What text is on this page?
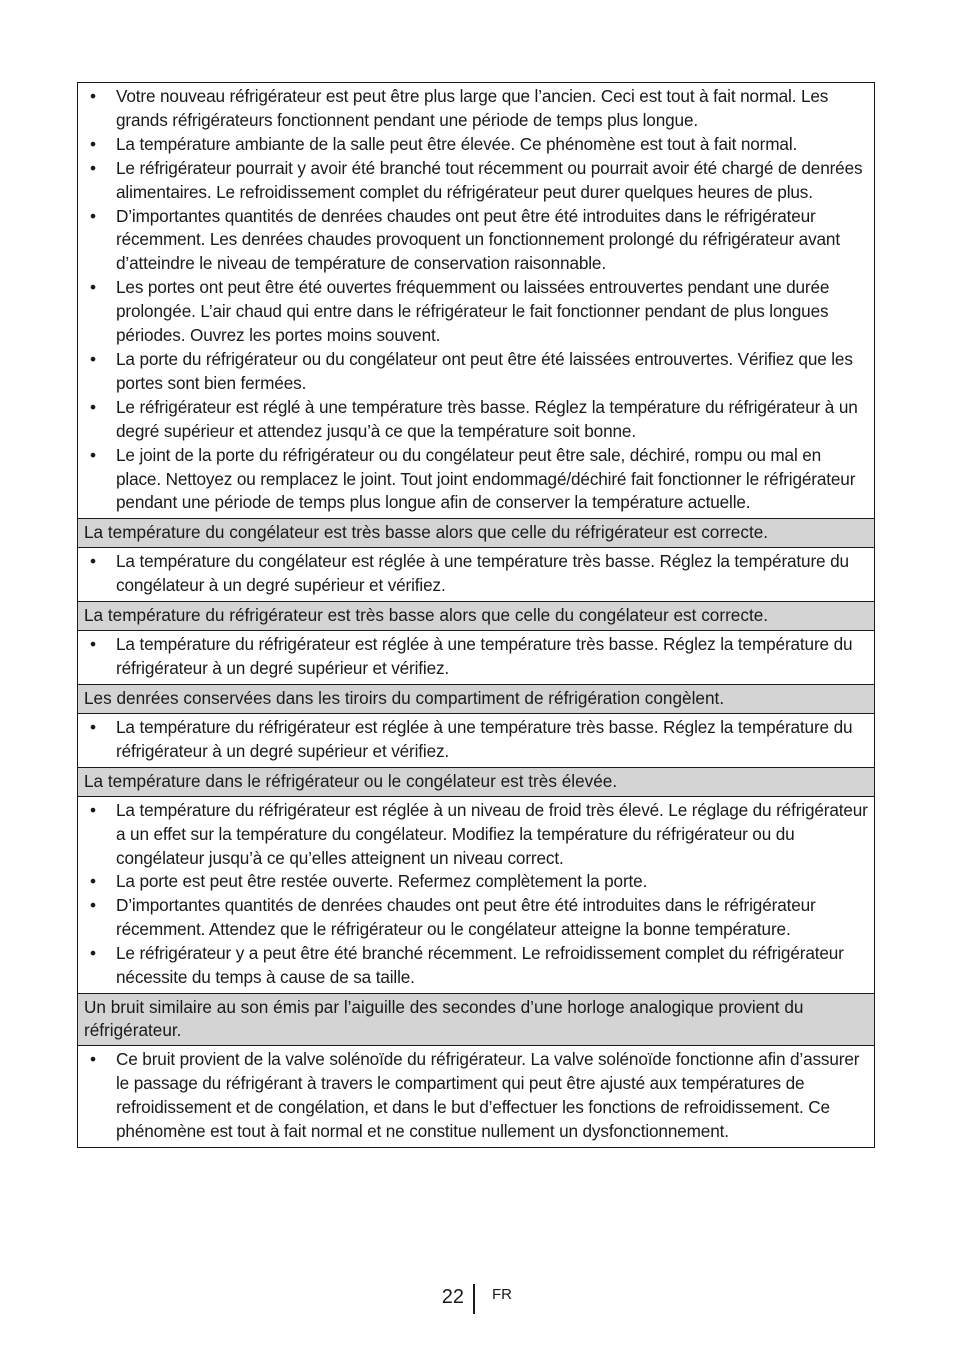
• Votre nouveau réfrigérateur est peut être plus large que l’ancien. Ceci est tout à fait normal. Les grands réfrigérateurs fonctionnent pendant une période de temps plus longue.
• La température ambiante de la salle peut être élevée. Ce phénomène est tout à fait normal.
• Le réfrigérateur pourrait y avoir été branché tout récemment ou pourrait avoir été chargé de denrées alimentaires. Le refroidissement complet du réfrigérateur peut durer quelques heures de plus.
• D’importantes quantités de denrées chaudes ont peut être été introduites dans le réfrigérateur récemment. Les denrées chaudes provoquent un fonctionnement prolongé du réfrigérateur avant d’atteindre le niveau de température de conservation raisonnable.
• Les portes ont peut être été ouvertes fréquemment ou laissées entrouvertes pendant une durée prolongée. L’air chaud qui entre dans le réfrigérateur le fait fonctionner pendant de plus longues périodes. Ouvrez les portes moins souvent.
• La porte du réfrigérateur ou du congélateur ont peut être été laissées entrouvertes. Vérifiez que les portes sont bien fermées.
• Le réfrigérateur est réglé à une température très basse. Réglez la température du réfrigérateur à un degré supérieur et attendez jusqu’à ce que la température soit bonne.
• Le joint de la porte du réfrigérateur ou du congélateur peut être sale, déchiré, rompu ou mal en place. Nettoyez ou remplacez le joint. Tout joint endommagé/déchiré fait fonctionner le réfrigérateur pendant une période de temps plus longue afin de conserver la température actuelle.
La température du congélateur est très basse alors que celle du réfrigérateur est correcte.
• La température du congélateur est réglée à une température très basse. Réglez la température du congélateur à un degré supérieur et vérifiez.
La température du réfrigérateur est très basse alors que celle du congélateur est correcte.
• La température du réfrigérateur est réglée à une température très basse. Réglez la température du réfrigérateur à un degré supérieur et vérifiez.
Les denrées conservées dans les tiroirs du compartiment de réfrigération congèlent.
• La température du réfrigérateur est réglée à une température très basse. Réglez la température du réfrigérateur à un degré supérieur et vérifiez.
La température dans le réfrigérateur ou le congélateur est très élevée.
• La température du réfrigérateur est réglée à un niveau de froid très élevé. Le réglage du réfrigérateur a un effet sur la température du congélateur. Modifiez la température du réfrigérateur ou du congélateur jusqu’à ce qu’elles atteignent un niveau correct.
• La porte est peut être restée ouverte. Refermez complètement la porte.
• D’importantes quantités de denrées chaudes ont peut être été introduites dans le réfrigérateur récemment. Attendez que le réfrigérateur ou le congélateur atteigne la bonne température.
• Le réfrigérateur y a peut être été branché récemment. Le refroidissement complet du réfrigérateur nécessite du temps à cause de sa taille.
Un bruit similaire au son émis par l’aiguille des secondes d’une horloge analogique provient du réfrigérateur.
• Ce bruit provient de la valve solénoïde du réfrigérateur. La valve solénoïde fonctionne afin d’assurer le passage du réfrigérant à travers le compartiment qui peut être ajusté aux températures de refroidissement et de congélation, et dans le but d’effectuer les fonctions de refroidissement. Ce phénomène est tout à fait normal et ne constitue nullement un dysfonctionnement.
22 FR
